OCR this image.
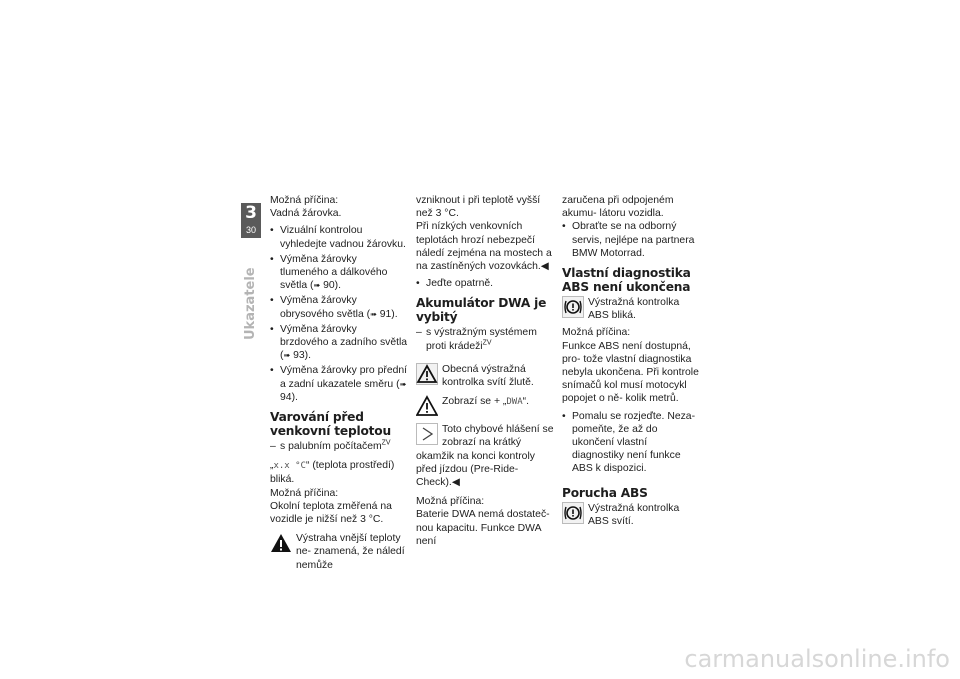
3
30
Ukazatele

Možná příčina:

Vadná žárovka.

• Vizuální kontrolou vyhledejte vadnou žárovku.
• Výměna žárovky tlumeného a dálkového světla (➠ 90).
• Výměna žárovky obrysového světla (➠ 91).
• Výměna žárovky brzdového a zadního světla (➠ 93).
• Výměna žárovky pro přední a zadní ukazatele směru (➠ 94).
Varování před venkovní teplotou
– s palubním počítačem$^{ZV}$

„x.x °C“ (teplota prostředí) bliká.

Možná příčina:

Okolní teplota změřená na vozidle je nižší než 3 °C.

Výstraha vnější teploty ne- znamená, že náledí nemůže

vzniknout i při teplotě vyšší než 3 °C.

Při nízkých venkovních teplotách hrozí nebezpečí náledí zejména na mostech a na zastíněných vozovkách.◀

• Jeďte opatrně.
Akumulátor DWA je vybitý
– s výstražným systémem proti krádeži$^{ZV}$
Obecná výstražná kontrolka svítí žlutě.
Zobrazí se + „DWA“.
Toto chybové hlášení se zobrazí na krátký okamžik na konci kontroly před jízdou (Pre-Ride-Check).◀

Možná příčina:

Baterie DWA nemá dostateč- nou kapacitu. Funkce DWA není

zaručena při odpojeném akumu- látoru vozidla.

• Obraťte se na odborný servis, nejlépe na partnera BMW Motorrad.
Vlastní diagnostika ABS není ukončena
Výstražná kontrolka ABS bliká.

Možná příčina:

Funkce ABS není dostupná, pro- tože vlastní diagnostika nebyla ukončena. Při kontrole snímačů kol musí motocykl popojet o ně- kolik metrů.

• Pomalu se rozjeďte. Neza- pomeňte, že až do ukončení vlastní diagnostiky není funkce ABS k dispozici.
Porucha ABS
Výstražná kontrolka ABS svítí.
carmanualsonline.info
